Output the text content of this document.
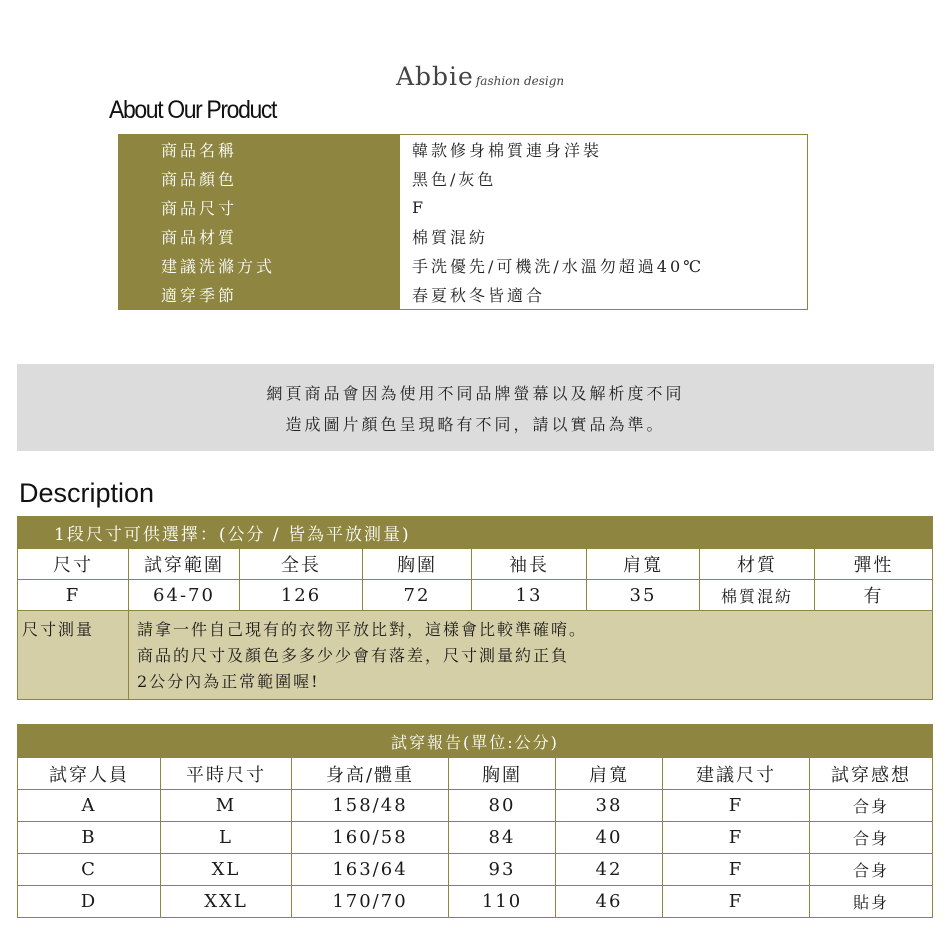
Abbie fashion design
About Our Product
商品名稱	韓款修身棉質連身洋裝
商品顏色	黑色/灰色
商品尺寸	F
商品材質	棉質混紡
建議洗滌方式	手洗優先/可機洗/水溫勿超過40℃
適穿季節	春夏秋冬皆適合
網頁商品會因為使用不同品牌螢幕以及解析度不同
造成圖片顏色呈現略有不同，請以實品為準。
Description
1段尺寸可供選擇：(公分 / 皆為平放測量)							
尺寸	試穿範圍	全長	胸圍	袖長	肩寬	材質	彈性
F	64-70	126	72	13	35	棉質混紡	有
尺寸測量	請拿一件自己現有的衣物平放比對，這樣會比較準確唷。
商品的尺寸及顏色多多少少會有落差，尺寸測量約正負
2公分內為正常範圍喔!						
試穿報告(單位:公分)						
試穿人員	平時尺寸	身高/體重	胸圍	肩寬	建議尺寸	試穿感想
A	M	158/48	80	38	F	合身
B	L	160/58	84	40	F	合身
C	XL	163/64	93	42	F	合身
D	XXL	170/70	110	46	F	貼身
